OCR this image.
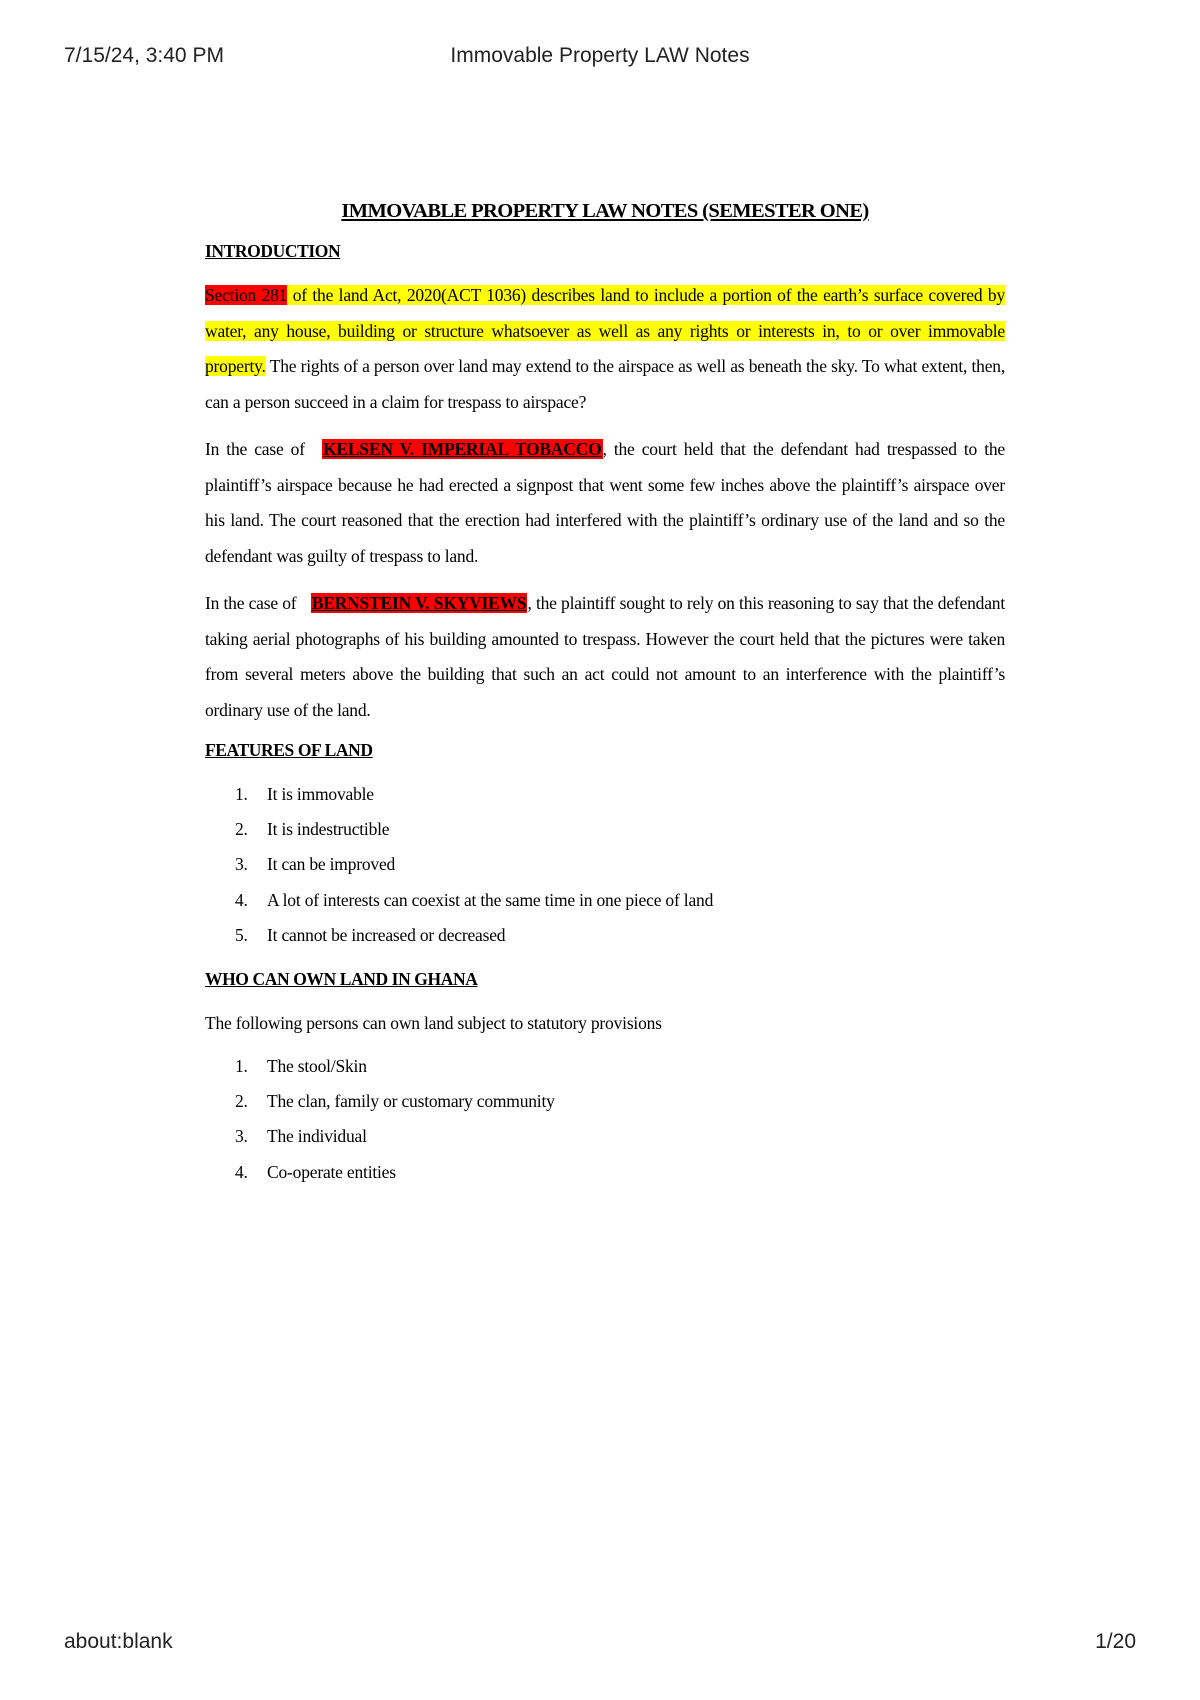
7/15/24, 3:40 PM	Immovable Property LAW Notes
IMMOVABLE PROPERTY LAW NOTES (SEMESTER ONE)
INTRODUCTION

Section 281 of the land Act, 2020(ACT 1036) describes land to include a portion of the earth’s surface covered by water, any house, building or structure whatsoever as well as any rights or interests in, to or over immovable property. The rights of a person over land may extend to the airspace as well as beneath the sky. To what extent, then, can a person succeed in a claim for trespass to airspace?

In the case of KELSEN V. IMPERIAL TOBACCO, the court held that the defendant had trespassed to the plaintiff’s airspace because he had erected a signpost that went some few inches above the plaintiff’s airspace over his land. The court reasoned that the erection had interfered with the plaintiff’s ordinary use of the land and so the defendant was guilty of trespass to land.

In the case of BERNSTEIN V. SKYVIEWS, the plaintiff sought to rely on this reasoning to say that the defendant taking aerial photographs of his building amounted to trespass. However the court held that the pictures were taken from several meters above the building that such an act could not amount to an interference with the plaintiff’s ordinary use of the land.

FEATURES OF LAND
1. It is immovable
2. It is indestructible
3. It can be improved
4. A lot of interests can coexist at the same time in one piece of land
5. It cannot be increased or decreased
WHO CAN OWN LAND IN GHANA

The following persons can own land subject to statutory provisions

1. The stool/Skin
2. The clan, family or customary community
3. The individual
4. Co-operate entities
about:blank	1/20
